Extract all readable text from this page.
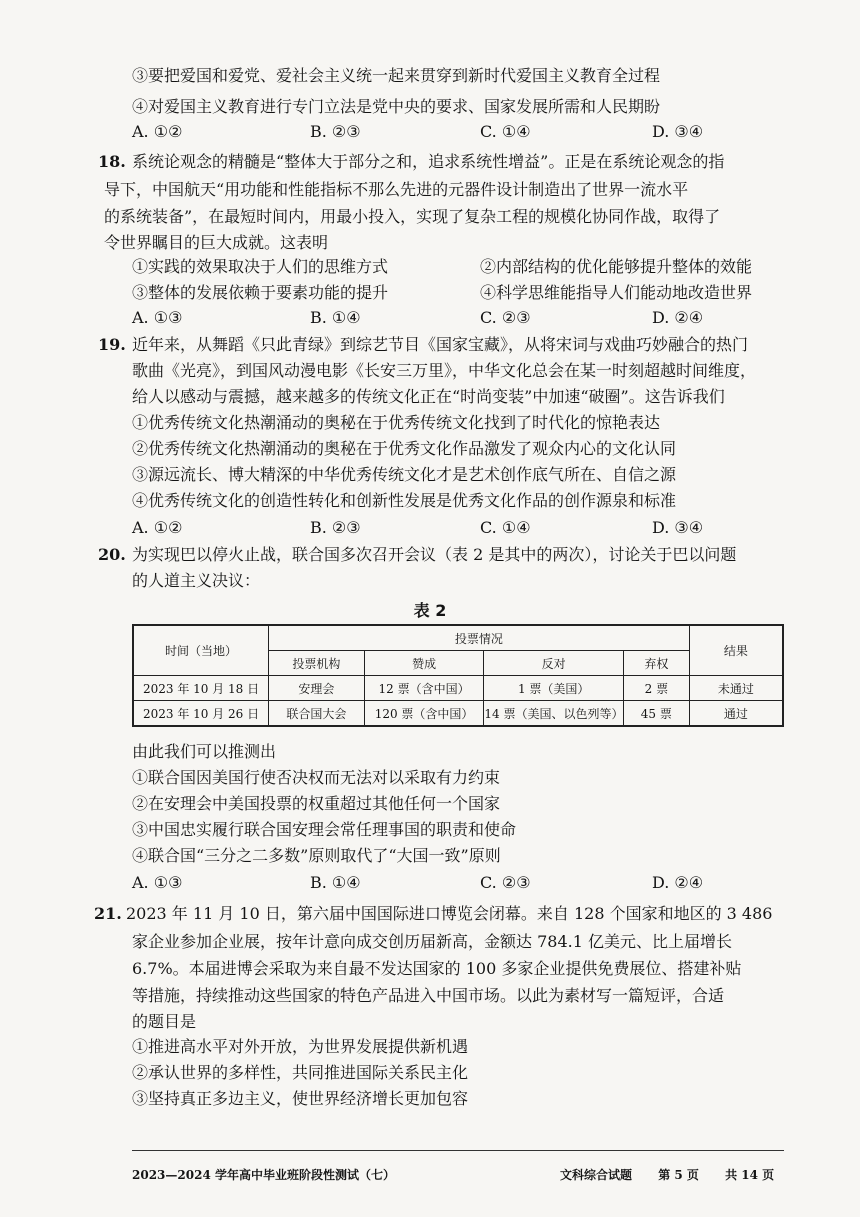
③要把爱国和爱党、爱社会主义统一起来贯穿到新时代爱国主义教育全过程
④对爱国主义教育进行专门立法是党中央的要求、国家发展所需和人民期盼
A. ①②	B. ②③	C. ①④	D. ③④
18. 系统论观念的精髓是“整体大于部分之和，追求系统性增益”。正是在系统论观念的指
导下，中国航天“用功能和性能指标不那么先进的元器件设计制造出了世界一流水平
的系统装备”，在最短时间内，用最小投入，实现了复杂工程的规模化协同作战，取得了
令世界瞩目的巨大成就。这表明
①实践的效果取决于人们的思维方式	②内部结构的优化能够提升整体的效能
③整体的发展依赖于要素功能的提升	④科学思维能指导人们能动地改造世界
A. ①③	B. ①④	C. ②③	D. ②④
19. 近年来，从舞蹈《只此青绿》到综艺节目《国家宝藏》，从将宋词与戏曲巧妙融合的热门
歌曲《光亮》，到国风动漫电影《长安三万里》，中华文化总会在某一时刻超越时间维度，
给人以感动与震撼，越来越多的传统文化正在“时尚变装”中加速“破圈”。这告诉我们
①优秀传统文化热潮涌动的奥秘在于优秀传统文化找到了时代化的惊艳表达
②优秀传统文化热潮涌动的奥秘在于优秀文化作品激发了观众内心的文化认同
③源远流长、博大精深的中华优秀传统文化才是艺术创作底气所在、自信之源
④优秀传统文化的创造性转化和创新性发展是优秀文化作品的创作源泉和标准
A. ①②	B. ②③	C. ①④	D. ③④
20. 为实现巴以停火止战，联合国多次召开会议（表 2 是其中的两次），讨论关于巴以问题
的人道主义决议：
表 2
时间（当地）	投票情况				结果
	投票机构	赞成	反对	弃权	
2023 年 10 月 18 日	安理会	12 票（含中国）	1 票（美国）	2 票	未通过
2023 年 10 月 26 日	联合国大会	120 票（含中国）	14 票（美国、以色列等）	45 票	通过
由此我们可以推测出
①联合国因美国行使否决权而无法对以采取有力约束
②在安理会中美国投票的权重超过其他任何一个国家
③中国忠实履行联合国安理会常任理事国的职责和使命
④联合国“三分之二多数”原则取代了“大国一致”原则
A. ①③	B. ①④	C. ②③	D. ②④
21. 2023 年 11 月 10 日，第六届中国国际进口博览会闭幕。来自 128 个国家和地区的 3 486
家企业参加企业展，按年计意向成交创历届新高，金额达 784.1 亿美元、比上届增长
6.7%。本届进博会采取为来自最不发达国家的 100 多家企业提供免费展位、搭建补贴
等措施，持续推动这些国家的特色产品进入中国市场。以此为素材写一篇短评，合适
的题目是
①推进高水平对外开放，为世界发展提供新机遇
②承认世界的多样性，共同推进国际关系民主化
③坚持真正多边主义，使世界经济增长更加包容
2023—2024 学年高中毕业班阶段性测试（七）	文科综合试题 第 5 页 共 14 页
